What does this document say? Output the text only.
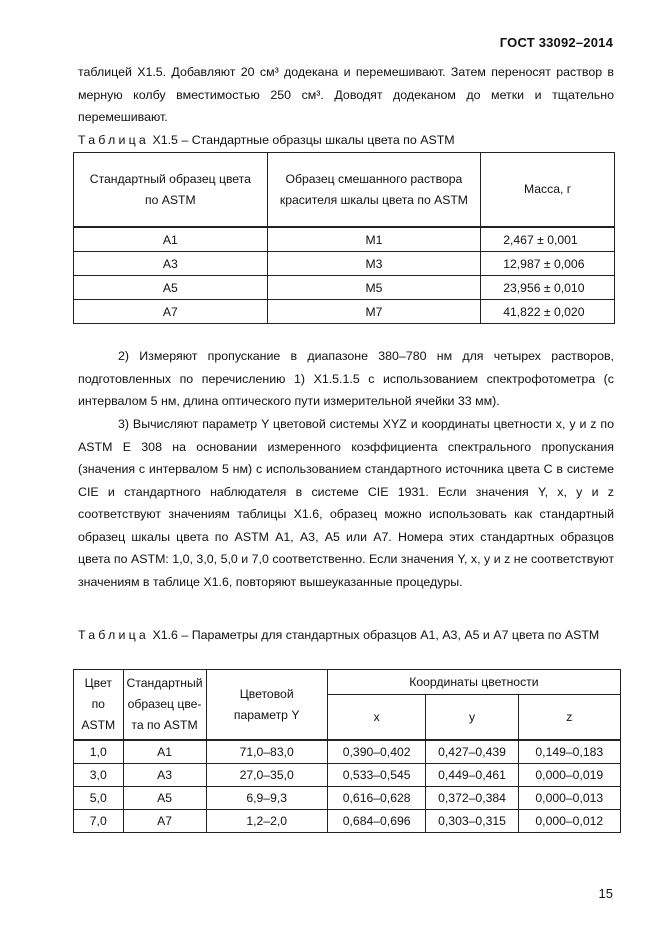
ГОСТ 33092–2014

таблицей Х1.5. Добавляют 20 см³ додекана и перемешивают. Затем переносят раствор в мерную колбу вместимостью 250 см³. Доводят додеканом до метки и тщательно перемешивают.

Таблица Х1.5 – Стандартные образцы шкалы цвета по ASTM
Стандартный образец цвета по ASTM	Образец смешанного раствора красителя шкалы цвета по ASTM	Масса, г
А1	М1	2,467 ± 0,001
А3	М3	12,987 ± 0,006
А5	М5	23,956 ± 0,010
А7	М7	41,822 ± 0,020

2) Измеряют пропускание в диапазоне 380–780 нм для четырех растворов, подготовленных по перечислению 1) Х1.5.1.5 с использованием спектрофотометра (с интервалом 5 нм, длина оптического пути измерительной ячейки 33 мм).

3) Вычисляют параметр Y цветовой системы XYZ и координаты цветности x, y и z по ASTM E 308 на основании измеренного коэффициента спектрального пропускания (значения с интервалом 5 нм) с использованием стандартного источника цвета С в системе CIE и стандартного наблюдателя в системе CIE 1931. Если значения Y, x, y и z соответствуют значениям таблицы Х1.6, образец можно использовать как стандартный образец шкалы цвета по ASTM А1, А3, А5 или А7. Номера этих стандартных образцов цвета по ASTM: 1,0, 3,0, 5,0 и 7,0 соответственно. Если значения Y, x, y и z не соответствуют значениям в таблице Х1.6, повторяют вышеуказанные процедуры.

Таблица Х1.6 – Параметры для стандартных образцов А1, А3, А5 и А7 цвета по ASTM
Цвет по ASTM	Стандартный образец цве-та по ASTM	Цветовой параметр Y	Координаты цветности		
			x	y	z
1,0	А1	71,0–83,0	0,390–0,402	0,427–0,439	0,149–0,183
3,0	А3	27,0–35,0	0,533–0,545	0,449–0,461	0,000–0,019
5,0	А5	6,9–9,3	0,616–0,628	0,372–0,384	0,000–0,013
7,0	А7	1,2–2,0	0,684–0,696	0,303–0,315	0,000–0,012
15
